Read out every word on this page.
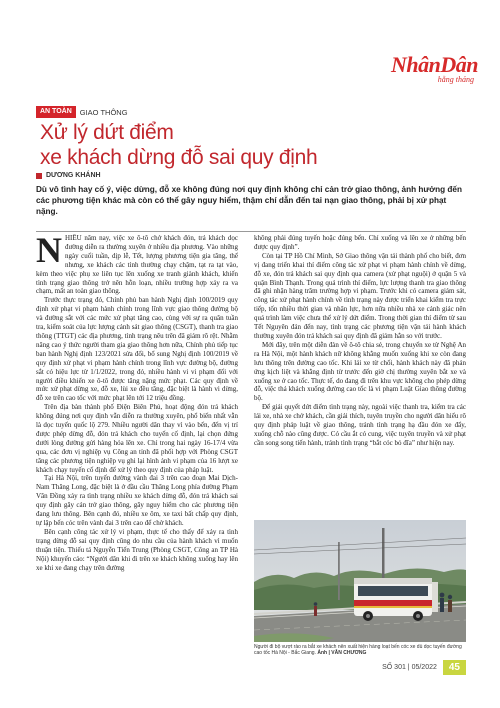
NhânDân
hằng tháng
AN TOÀN	GIAO THÔNG
Xử lý dứt điểm
xe khách dừng đỗ sai quy định
DƯƠNG KHÁNH
Dù vô tình hay cố ý, việc dừng, đỗ xe không đúng nơi quy định không chỉ cản trở giao thông, ảnh hưởng đến các phương tiện khác mà còn có thể gây nguy hiểm, thậm chí dẫn đến tai nạn giao thông, phải bị xử phạt nặng.

NHIỀU năm nay, việc xe ô-tô chở khách đón, trả khách dọc đường diễn ra thường xuyên ở nhiều địa phương. Vào những ngày cuối tuần, dịp lễ, Tết, lượng phương tiện gia tăng, thế nhưng, xe khách các tỉnh thường chạy chậm, tạt ra tạt vào, kèm theo việc phụ xe liên tục lên xuống xe tranh giành khách, khiến tình trạng giao thông trở nên hỗn loạn, nhiều trường hợp xảy ra va chạm, mất an toàn giao thông.

Trước thực trạng đó, Chính phủ ban hành Nghị định 100/2019 quy định xử phạt vi phạm hành chính trong lĩnh vực giao thông đường bộ và đường sắt với các mức xử phạt tăng cao, cùng với sự ra quân tuần tra, kiểm soát của lực lượng cảnh sát giao thông (CSGT), thanh tra giao thông (TTGT) các địa phương, tình trạng nêu trên đã giảm rõ rệt. Nhằm nâng cao ý thức người tham gia giao thông hơn nữa, Chính phủ tiếp tục ban hành Nghị định 123/2021 sửa đổi, bổ sung Nghị định 100/2019 về quy định xử phạt vi phạm hành chính trong lĩnh vực đường bộ, đường sắt có hiệu lực từ 1/1/2022, trong đó, nhiều hành vi vi phạm đối với người điều khiển xe ô-tô được tăng nặng mức phạt. Các quy định về mức xử phạt dừng xe, đỗ xe, lùi xe đều tăng, đặc biệt là hành vi dừng, đỗ xe trên cao tốc với mức phạt lên tới 12 triệu đồng.

Trên địa bàn thành phố Điện Biên Phủ, hoạt động đón trả khách không đúng nơi quy định vẫn diễn ra thường xuyên, phổ biến nhất vẫn là dọc tuyến quốc lộ 279. Nhiều người dân thay vì vào bến, đến vị trí được phép dừng đỗ, đón trả khách cho tuyến cố định, lại chọn đứng dưới lòng đường gửi hàng hóa lên xe. Chỉ trong hai ngày 16-17/4 vừa qua, các đơn vị nghiệp vụ Công an tỉnh đã phối hợp với Phòng CSGT tăng các phương tiện nghiệp vụ ghi lại hình ảnh vi phạm của 16 lượt xe khách chạy tuyến cố định để xử lý theo quy định của pháp luật.

Tại Hà Nội, trên tuyến đường vành đai 3 trên cao đoạn Mai Dịch-Nam Thăng Long, đặc biệt là ở đầu cầu Thăng Long phía đường Phạm Văn Đồng xảy ra tình trạng nhiều xe khách dừng đỗ, đón trả khách sai quy định gây cản trở giao thông, gây nguy hiểm cho các phương tiện đang lưu thông. Bên cạnh đó, nhiều xe ôm, xe taxi bất chấp quy định, tự lập bến cóc trên vành đai 3 trên cao để chờ khách.

Bên cạnh công tác xử lý vi phạm, thực tế cho thấy để xảy ra tình trạng dừng đỗ sai quy định cũng do nhu cầu của hành khách vì muốn thuận tiện. Thiếu tá Nguyễn Tiến Trung (Phòng CSGT, Công an TP Hà Nội) khuyến cáo: “Người dân khi đi trên xe khách không xuống hay lên xe khi xe đang chạy trên đường

không phải đúng tuyến hoặc đúng bến. Chỉ xuống và lên xe ở những bến được quy định”.

Còn tại TP Hồ Chí Minh, Sở Giao thông vận tải thành phố cho biết, đơn vị đang triển khai thí điểm công tác xử phạt vi phạm hành chính về dừng, đỗ xe, đón trả khách sai quy định qua camera (xử phạt nguội) ở quận 5 và quận Bình Thạnh. Trong quá trình thí điểm, lực lượng thanh tra giao thông đã ghi nhận hàng trăm trường hợp vi phạm. Trước khi có camera giám sát, công tác xử phạt hành chính về tình trạng này được triển khai kiểm tra trực tiếp, tốn nhiều thời gian và nhân lực, hơn nữa nhiều nhà xe cảnh giác nên quá trình làm việc chưa thể xử lý dứt điểm. Trong thời gian thí điểm từ sau Tết Nguyên đán đến nay, tình trạng các phương tiện vận tải hành khách thường xuyên đón trả khách sai quy định đã giảm hẳn so với trước.

Mới đây, trên một diễn đàn về ô-tô chia sẻ, trong chuyến xe từ Nghệ An ra Hà Nội, một hành khách nữ không khẳng muốn xuống khi xe còn đang lưu thông trên đường cao tốc. Khi lái xe từ chối, hành khách này đã phản ứng kịch liệt và khẳng định từ trước đến giờ chị thường xuyên bắt xe và xuống xe ở cao tốc. Thực tế, do đang đi trên khu vực không cho phép dừng đỗ, việc thả khách xuống đường cao tốc là vi phạm Luật Giao thông đường bộ.

Để giải quyết dứt điểm tình trạng này, ngoài việc thanh tra, kiểm tra các lái xe, nhà xe chở khách, cần giải thích, tuyên truyền cho người dân hiểu rõ quy định pháp luật về giao thông, tránh tình trạng hạ đầu đón xe đẩy, xuống chỗ nào cũng được. Có cầu ắt có cung, việc tuyên truyền và xử phạt cần song song tiến hành, tránh tình trạng “bắt cóc bỏ đĩa” như hiện nay.

Người đi bộ vượt rào ra bắt xe khách nên xuất hiện hàng loạt bến cóc xe dù dọc tuyến đường cao tốc Hà Nội - Bắc Giang. Ảnh | VÂN CHƯƠNG
SỐ 301 | 05/2022	45
